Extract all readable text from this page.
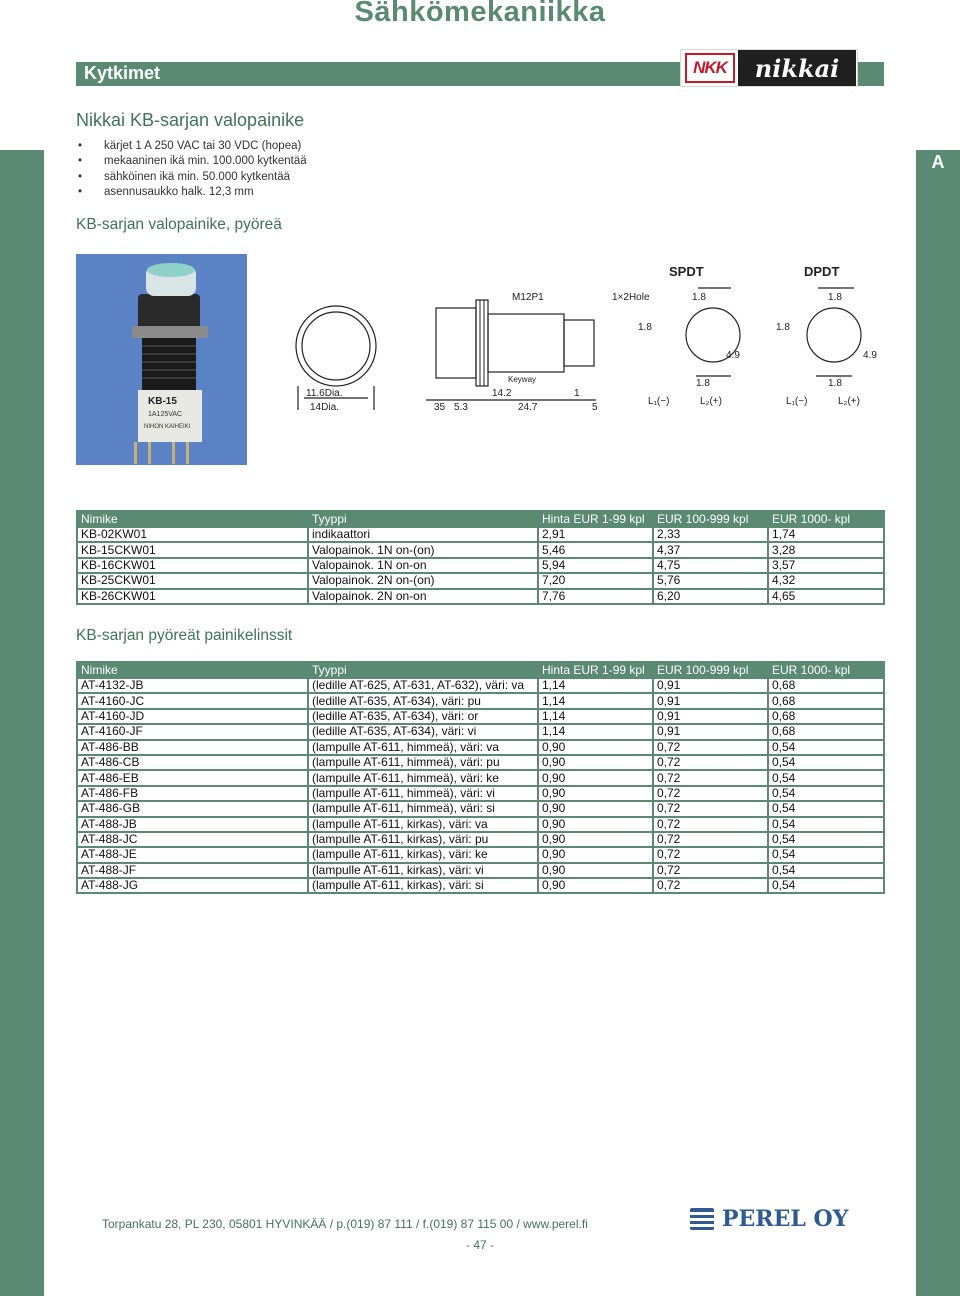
A
Sähkömekaniikka
Kytkimet	NKK	nikkai
Nikkai KB-sarjan valopainike
• kärjet 1 A 250 VAC tai 30 VDC (hopea)
• mekaaninen ikä min. 100.000 kytkentää
• sähköinen ikä min. 50.000 kytkentää
• asennusaukko halk. 12,3 mm
KB-sarjan valopainike, pyöreä
KB-15
1A125VAC
NIHON KAIHEIKI
SPDT	DPDT
M12P1	1×2Hole	1.8
1.8
1.8
1.8
1.8
1.8
4.9	4.9
11.6Dia.
14Dia.
Keyway
14.2	1
35 5.3	24.7	5
L₁(−)	L₂(+)	L₁(−)	L₂(+)
Nimike	Tyyppi	Hinta EUR 1-99 kpl	EUR 100-999 kpl	EUR 1000- kpl
KB-02KW01	indikaattori	2,91	2,33	1,74
KB-15CKW01	Valopainok. 1N on-(on)	5,46	4,37	3,28
KB-16CKW01	Valopainok. 1N on-on	5,94	4,75	3,57
KB-25CKW01	Valopainok. 2N on-(on)	7,20	5,76	4,32
KB-26CKW01	Valopainok. 2N on-on	7,76	6,20	4,65
KB-sarjan pyöreät painikelinssit
Nimike	Tyyppi	Hinta EUR 1-99 kpl	EUR 100-999 kpl	EUR 1000- kpl
AT-4132-JB	(ledille AT-625, AT-631, AT-632), väri: va	1,14	0,91	0,68
AT-4160-JC	(ledille AT-635, AT-634), väri: pu	1,14	0,91	0,68
AT-4160-JD	(ledille AT-635, AT-634), väri: or	1,14	0,91	0,68
AT-4160-JF	(ledille AT-635, AT-634), väri: vi	1,14	0,91	0,68
AT-486-BB	(lampulle AT-611, himmeä), väri: va	0,90	0,72	0,54
AT-486-CB	(lampulle AT-611, himmeä), väri: pu	0,90	0,72	0,54
AT-486-EB	(lampulle AT-611, himmeä), väri: ke	0,90	0,72	0,54
AT-486-FB	(lampulle AT-611, himmeä), väri: vi	0,90	0,72	0,54
AT-486-GB	(lampulle AT-611, himmeä), väri: si	0,90	0,72	0,54
AT-488-JB	(lampulle AT-611, kirkas), väri: va	0,90	0,72	0,54
AT-488-JC	(lampulle AT-611, kirkas), väri: pu	0,90	0,72	0,54
AT-488-JE	(lampulle AT-611, kirkas), väri: ke	0,90	0,72	0,54
AT-488-JF	(lampulle AT-611, kirkas), väri: vi	0,90	0,72	0,54
AT-488-JG	(lampulle AT-611, kirkas), väri: si	0,90	0,72	0,54
Torpankatu 28, PL 230, 05801 HYVINKÄÄ / p.(019) 87 111 / f.(019) 87 115 00 / www.perel.fi
- 47 -
PEREL OY
